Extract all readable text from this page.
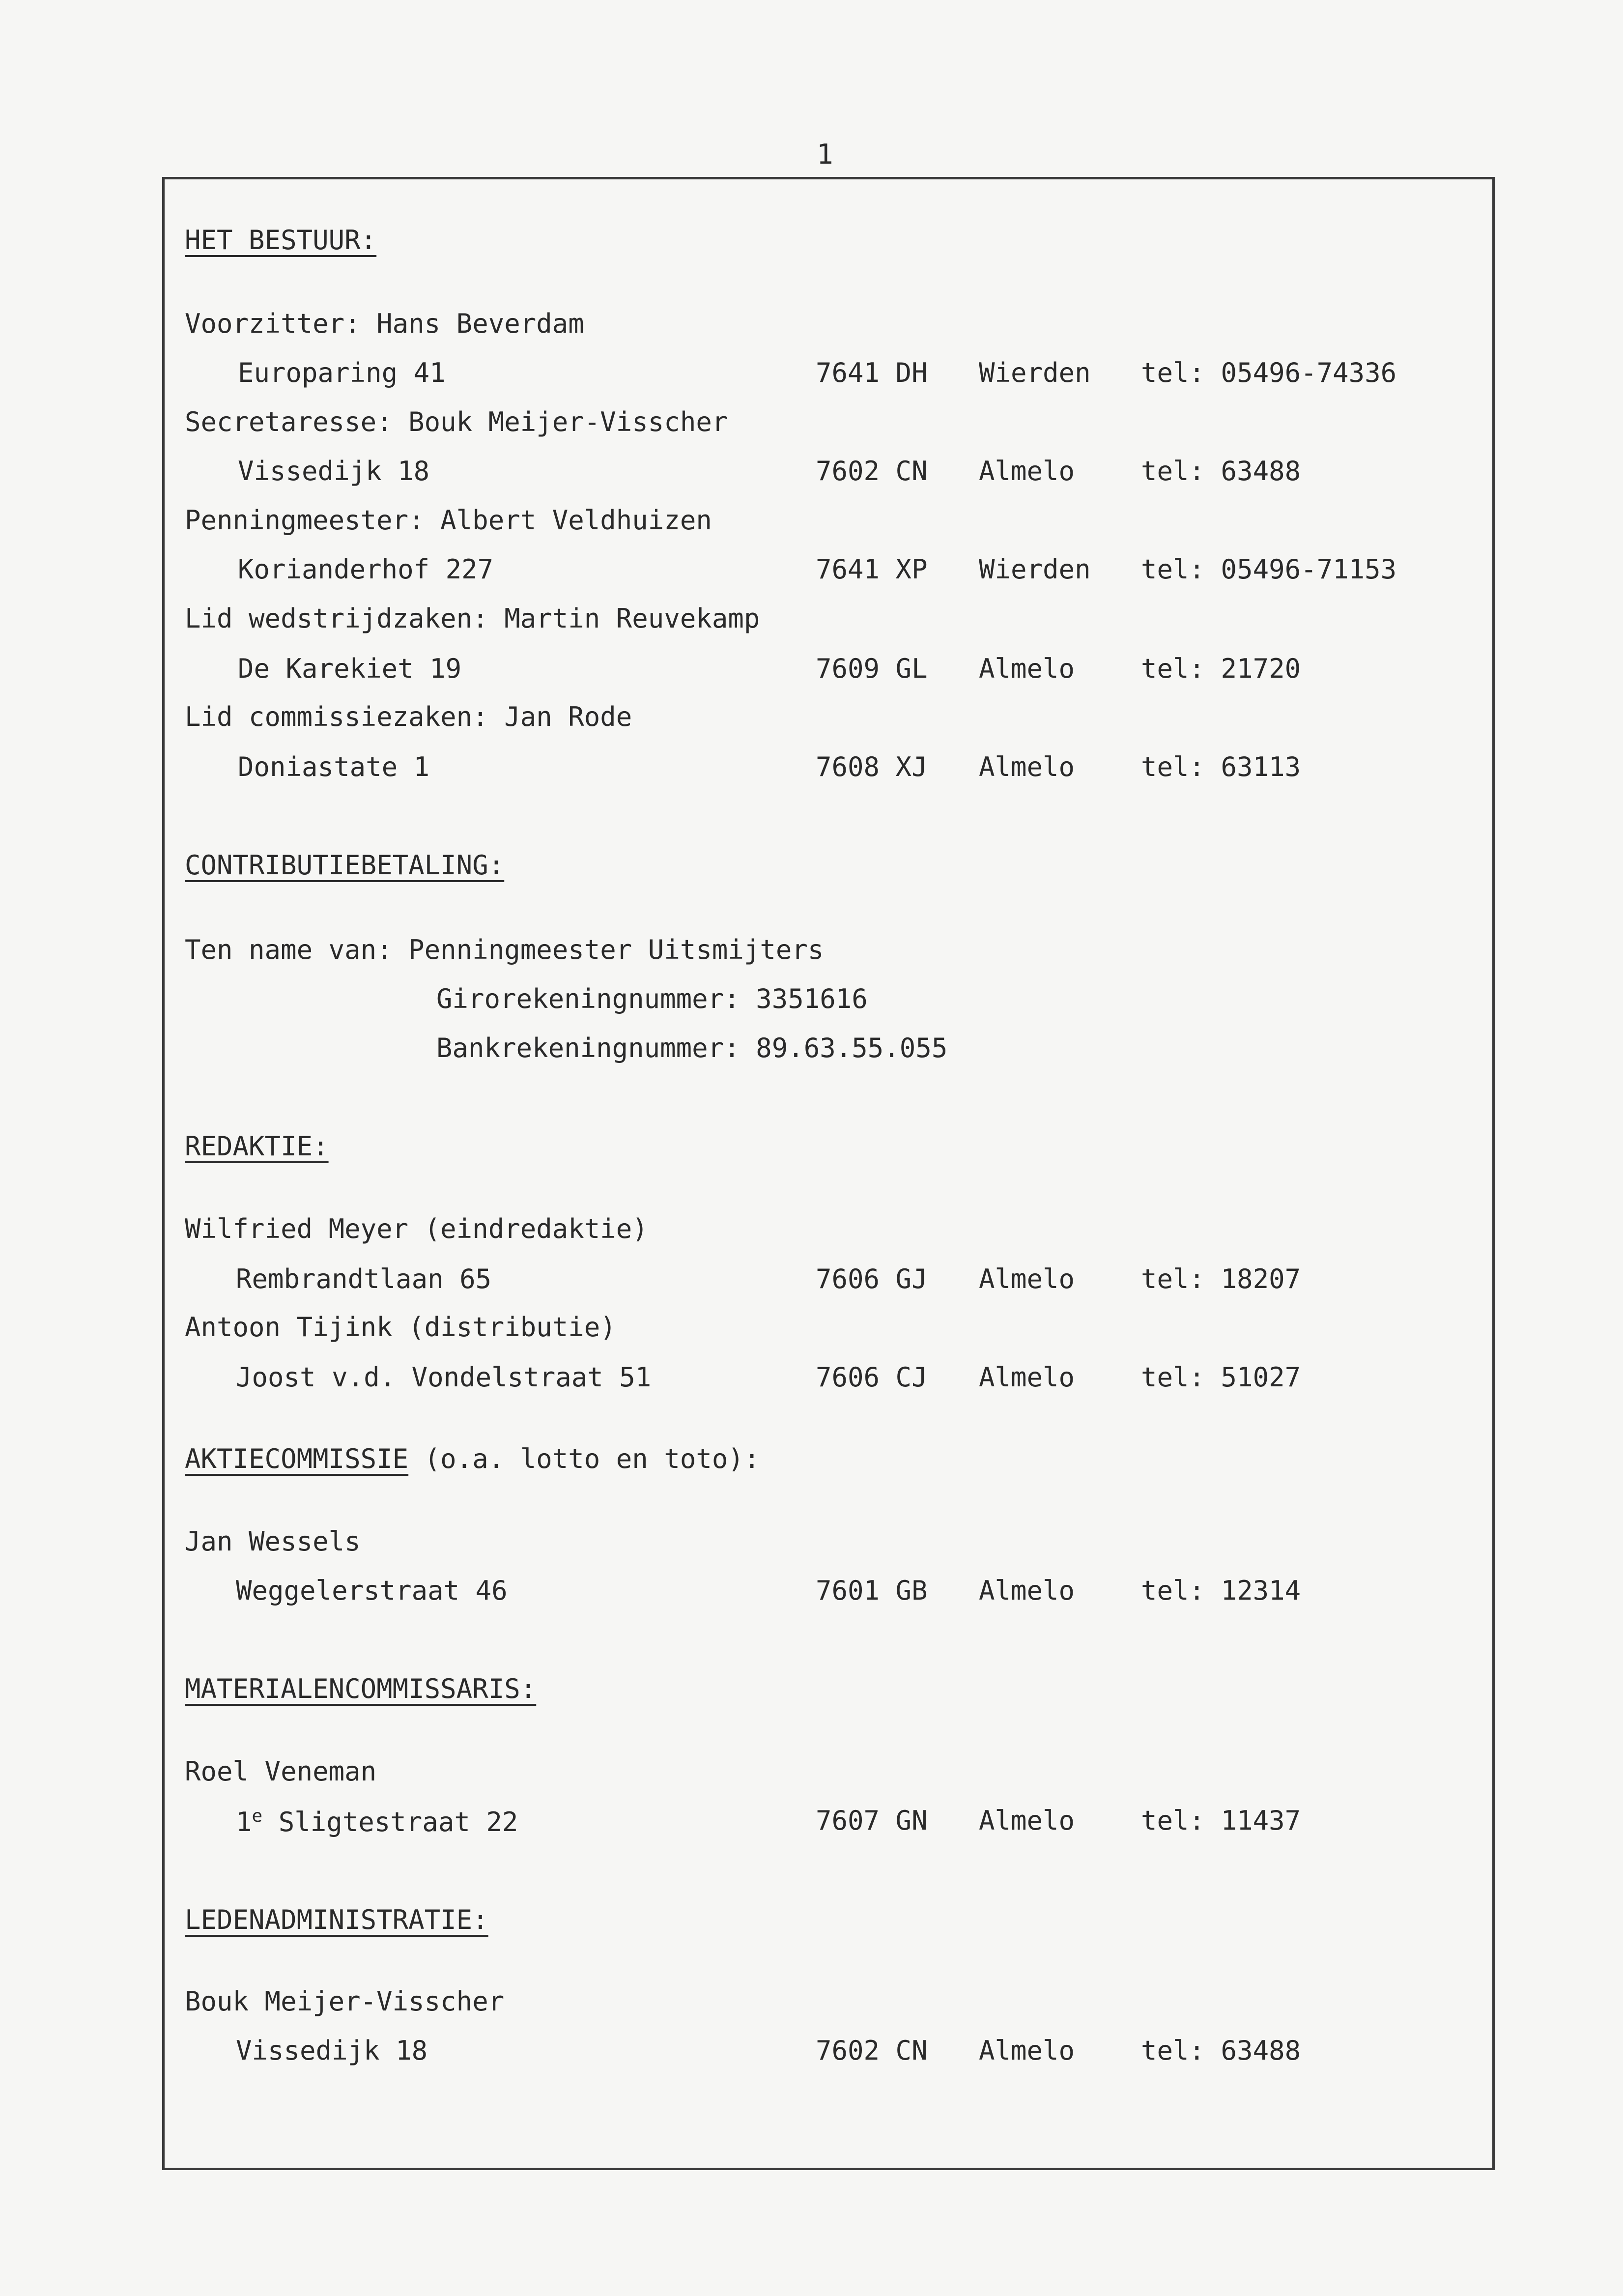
1
HET BESTUUR:
Voorzitter: Hans Beverdam
Europaring 41	7641 DH Wierden tel: 05496-74336
Secretaresse: Bouk Meijer-Visscher
Vissedijk 18	7602 CN Almelo tel: 63488
Penningmeester: Albert Veldhuizen
Korianderhof 227	7641 XP Wierden tel: 05496-71153
Lid wedstrijdzaken: Martin Reuvekamp
De Karekiet 19	7609 GL Almelo tel: 21720
Lid commissiezaken: Jan Rode
Doniastate 1	7608 XJ Almelo tel: 63113
CONTRIBUTIEBETALING:
Ten name van: Penningmeester Uitsmijters
Girorekeningnummer: 3351616
Bankrekeningnummer: 89.63.55.055
REDAKTIE:
Wilfried Meyer (eindredaktie)
Rembrandtlaan 65	7606 GJ Almelo tel: 18207
Antoon Tijink (distributie)
Joost v.d. Vondelstraat 51	7606 CJ Almelo tel: 51027
AKTIECOMMISSIE (o.a. lotto en toto):
Jan Wessels
Weggelerstraat 46	7601 GB Almelo tel: 12314
MATERIALENCOMMISSARIS:
Roel Veneman
1e Sligtestraat 22	7607 GN Almelo tel: 11437
LEDENADMINISTRATIE:
Bouk Meijer-Visscher
Vissedijk 18	7602 CN Almelo tel: 63488
